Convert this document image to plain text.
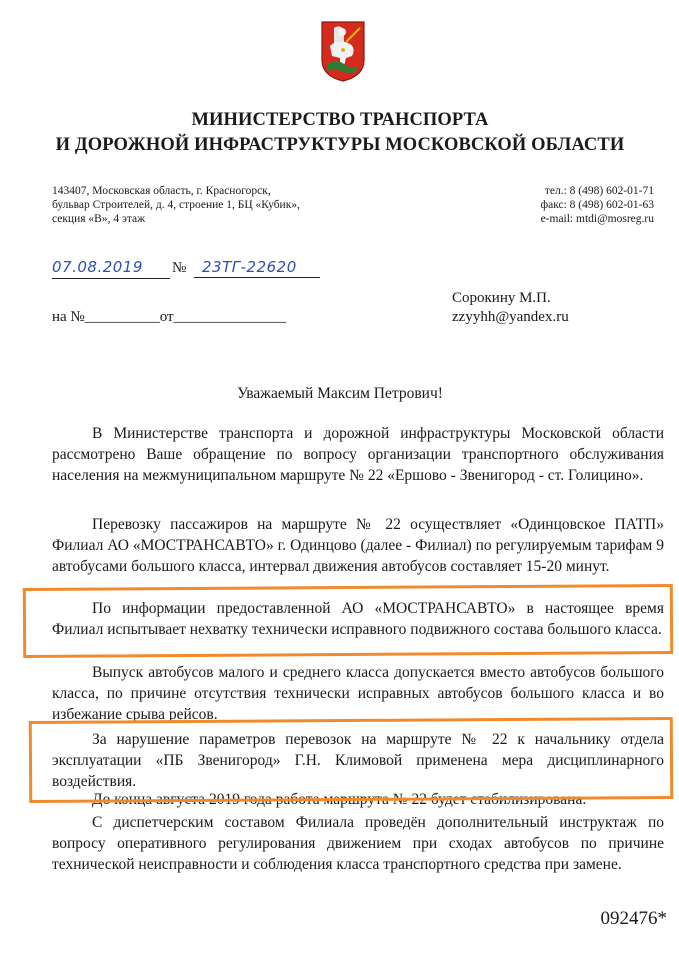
МИНИСТЕРСТВО ТРАНСПОРТА
И ДОРОЖНОЙ ИНФРАСТРУКТУРЫ МОСКОВСКОЙ ОБЛАСТИ
143407, Московская область, г. Красногорск,
бульвар Строителей, д. 4, строение 1, БЦ «Кубик»,
секция «В», 4 этаж
тел.: 8 (498) 602-01-71
факс: 8 (498) 602-01-63
e-mail: mtdi@mosreg.ru
07.08.2019	№	23ТГ-22620
на №__________от_______________
Сорокину М.П.
zzyyhh@yandex.ru
Уважаемый Максим Петрович!
В Министерстве транспорта и дорожной инфраструктуры Московской области рассмотрено Ваше обращение по вопросу организации транспортного обслуживания населения на межмуниципальном маршруте № 22 «Ершово - Звенигород - ст. Голицино».
Перевозку пассажиров на маршруте № 22 осуществляет «Одинцовское ПАТП» Филиал АО «МОСТРАНСАВТО» г. Одинцово (далее - Филиал) по регулируемым тарифам 9 автобусами большого класса, интервал движения автобусов составляет 15-20 минут.
По информации предоставленной АО «МОСТРАНСАВТО» в настоящее время Филиал испытывает нехватку технически исправного подвижного состава большого класса.
Выпуск автобусов малого и среднего класса допускается вместо автобусов большого класса, по причине отсутствия технически исправных автобусов большого класса и во избежание срыва рейсов.
За нарушение параметров перевозок на маршруте № 22 к начальнику отдела эксплуатации «ПБ Звенигород» Г.Н. Климовой применена мера дисциплинарного воздействия.
До конца августа 2019 года работа маршрута № 22 будет стабилизирована.
С диспетчерским составом Филиала проведён дополнительный инструктаж по вопросу оперативного регулирования движением при сходах автобусов по причине технической неисправности и соблюдения класса транспортного средства при замене.
092476*
